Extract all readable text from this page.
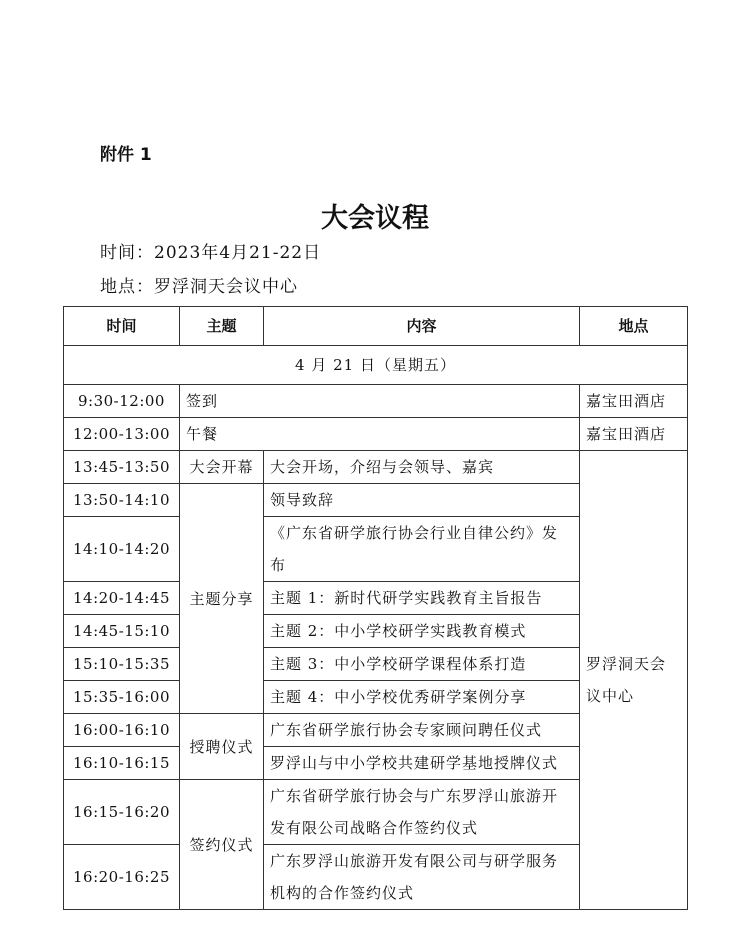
附件 1
大会议程
时间：2023年4月21-22日
地点：罗浮洞天会议中心
时间	主题	内容	地点
4 月 21 日（星期五）			
9:30-12:00	签到		嘉宝田酒店
12:00-13:00	午餐		嘉宝田酒店
13:45-13:50	大会开幕	大会开场，介绍与会领导、嘉宾	罗浮洞天会议中心
13:50-14:10	主题分享	领导致辞	
14:10-14:20		《广东省研学旅行协会行业自律公约》发布	
14:20-14:45		主题 1：新时代研学实践教育主旨报告	
14:45-15:10		主题 2：中小学校研学实践教育模式	
15:10-15:35		主题 3：中小学校研学课程体系打造	
15:35-16:00		主题 4：中小学校优秀研学案例分享	
16:00-16:10	授聘仪式	广东省研学旅行协会专家顾问聘任仪式	
16:10-16:15		罗浮山与中小学校共建研学基地授牌仪式	
16:15-16:20	签约仪式	广东省研学旅行协会与广东罗浮山旅游开发有限公司战略合作签约仪式	
16:20-16:25		广东罗浮山旅游开发有限公司与研学服务机构的合作签约仪式	
